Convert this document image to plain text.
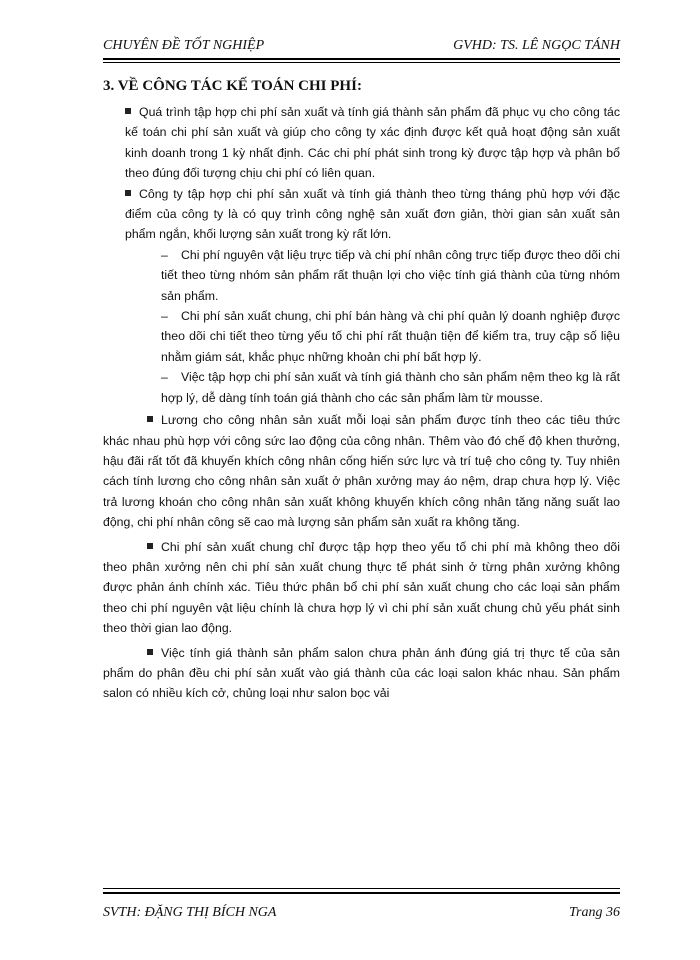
CHUYÊN ĐỀ TỐT NGHIỆP	GVHD: TS. LÊ NGỌC TÁNH
3. VỀ CÔNG TÁC KẾ TOÁN CHI PHÍ:

Quá trình tập hợp chi phí sản xuất và tính giá thành sản phẩm đã phục vụ cho công tác kế toán chi phí sản xuất và giúp cho công ty xác định được kết quả hoạt động sản xuất kinh doanh trong 1 kỳ nhất định. Các chi phí phát sinh trong kỳ được tập hợp và phân bổ theo đúng đối tượng chịu chi phí có liên quan.

Công ty tập hợp chi phí sản xuất và tính giá thành theo từng tháng phù hợp với đặc điểm của công ty là có quy trình công nghệ sản xuất đơn giản, thời gian sản xuất sản phẩm ngắn, khối lượng sản xuất trong kỳ rất lớn.

– Chi phí nguyên vật liệu trực tiếp và chi phí nhân công trực tiếp được theo dõi chi tiết theo từng nhóm sản phẩm rất thuận lợi cho việc tính giá thành của từng nhóm sản phẩm.
– Chi phí sản xuất chung, chi phí bán hàng và chi phí quản lý doanh nghiệp được theo dõi chi tiết theo từng yếu tố chi phí rất thuận tiện để kiểm tra, truy cập số liệu nhằm giám sát, khắc phục những khoản chi phí bất hợp lý.
– Việc tập hợp chi phí sản xuất và tính giá thành cho sản phẩm nệm theo kg là rất hợp lý, dễ dàng tính toán giá thành cho các sản phẩm làm từ mousse.

Lương cho công nhân sản xuất mỗi loại sản phẩm được tính theo các tiêu thức khác nhau phù hợp với công sức lao động của công nhân. Thêm vào đó chế độ khen thưởng, hậu đãi rất tốt đã khuyến khích công nhân cống hiến sức lực và trí tuệ cho công ty. Tuy nhiên cách tính lương cho công nhân sản xuất ở phân xưởng may áo nệm, drap chưa hợp lý. Việc trả lương khoán cho công nhân sản xuất không khuyến khích công nhân tăng năng suất lao động, chi phí nhân công sẽ cao mà lượng sản phẩm sản xuất ra không tăng.

Chi phí sản xuất chung chỉ được tập hợp theo yếu tố chi phí mà không theo dõi theo phân xưởng nên chi phí sản xuất chung thực tế phát sinh ở từng phân xưởng không được phản ánh chính xác. Tiêu thức phân bổ chi phí sản xuất chung cho các loại sản phẩm theo chi phí nguyên vật liệu chính là chưa hợp lý vì chi phí sản xuất chung chủ yếu phát sinh theo thời gian lao động.

Việc tính giá thành sản phẩm salon chưa phản ánh đúng giá trị thực tế của sản phẩm do phân đều chi phí sản xuất vào giá thành của các loại salon khác nhau. Sản phẩm salon có nhiều kích cở, chủng loại như salon bọc vải

SVTH: ĐẶNG THỊ BÍCH NGA	Trang 36
